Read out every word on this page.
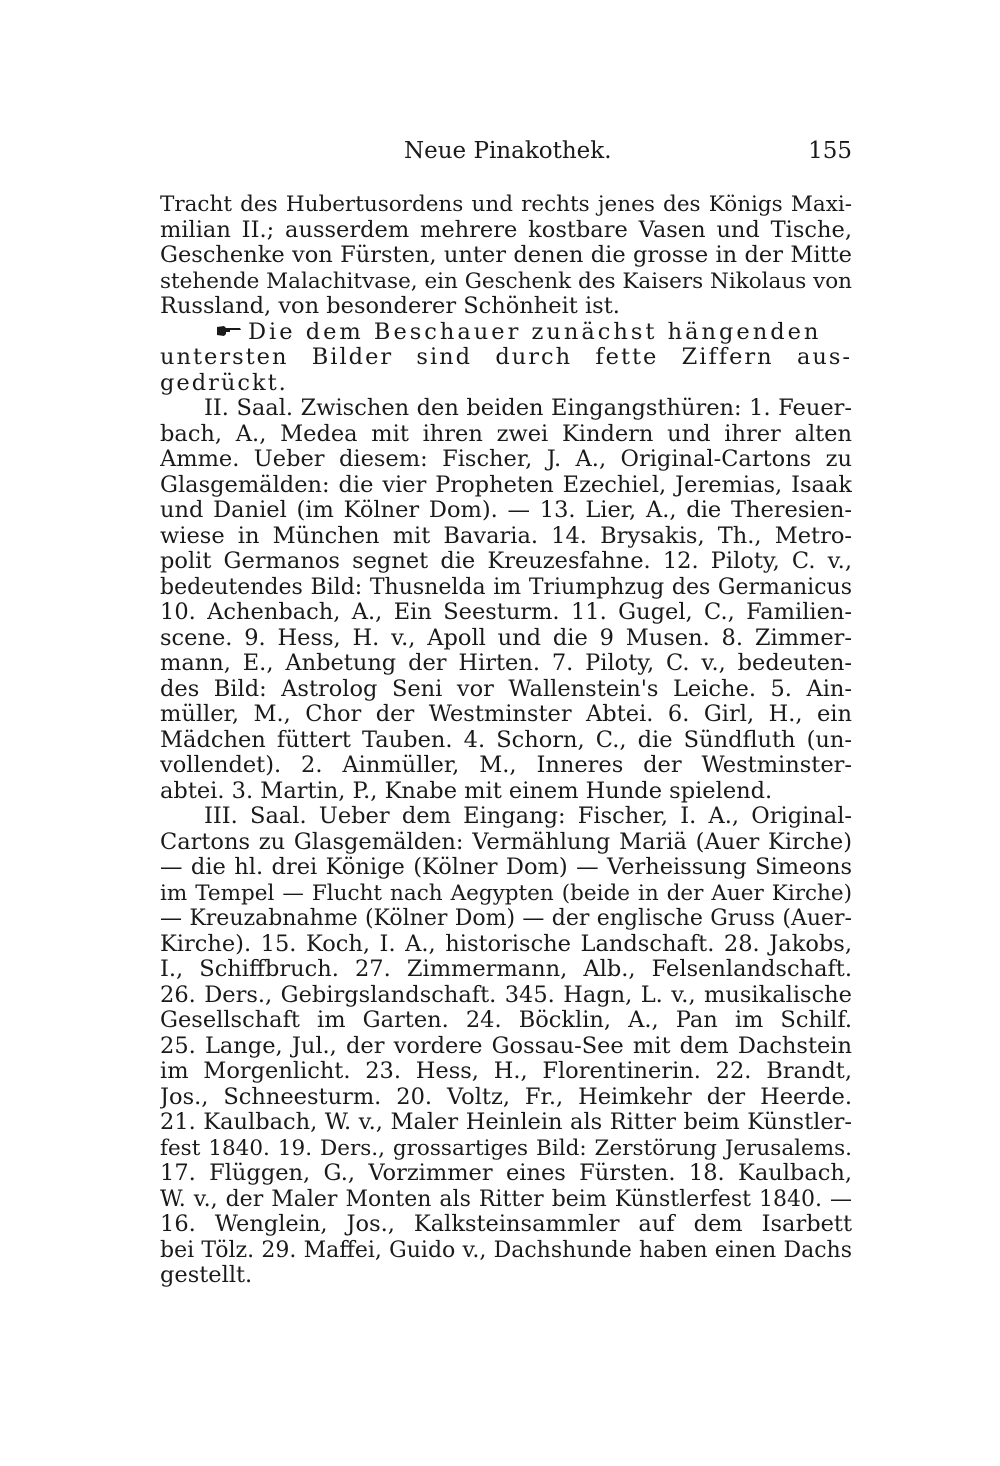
Neue Pinakothek.	155
Tracht des Hubertusordens und rechts jenes des Königs Maxi-
milian II.; ausserdem mehrere kostbare Vasen und Tische,
Geschenke von Fürsten, unter denen die grosse in der Mitte
stehende Malachitvase, ein Geschenk des Kaisers Nikolaus von
Russland, von besonderer Schönheit ist.
Die dem Beschauer zunächst hängenden
untersten Bilder sind durch fette Ziffern aus-
gedrückt.
II. Saal. Zwischen den beiden Eingangsthüren: 1. Feuer-
bach, A., Medea mit ihren zwei Kindern und ihrer alten
Amme. Ueber diesem: Fischer, J. A., Original-Cartons zu
Glasgemälden: die vier Propheten Ezechiel, Jeremias, Isaak
und Daniel (im Kölner Dom). — 13. Lier, A., die Theresien-
wiese in München mit Bavaria. 14. Brysakis, Th., Metro-
polit Germanos segnet die Kreuzesfahne. 12. Piloty, C. v.,
bedeutendes Bild: Thusnelda im Triumphzug des Germanicus
10. Achenbach, A., Ein Seesturm. 11. Gugel, C., Familien-
scene. 9. Hess, H. v., Apoll und die 9 Musen. 8. Zimmer-
mann, E., Anbetung der Hirten. 7. Piloty, C. v., bedeuten-
des Bild: Astrolog Seni vor Wallenstein's Leiche. 5. Ain-
müller, M., Chor der Westminster Abtei. 6. Girl, H., ein
Mädchen füttert Tauben. 4. Schorn, C., die Sündfluth (un-
vollendet). 2. Ainmüller, M., Inneres der Westminster-
abtei. 3. Martin, P., Knabe mit einem Hunde spielend.
III. Saal. Ueber dem Eingang: Fischer, I. A., Original-
Cartons zu Glasgemälden: Vermählung Mariä (Auer Kirche)
— die hl. drei Könige (Kölner Dom) — Verheissung Simeons
im Tempel — Flucht nach Aegypten (beide in der Auer Kirche)
— Kreuzabnahme (Kölner Dom) — der englische Gruss (Auer-
Kirche). 15. Koch, I. A., historische Landschaft. 28. Jakobs,
I., Schiffbruch. 27. Zimmermann, Alb., Felsenlandschaft.
26. Ders., Gebirgslandschaft. 345. Hagn, L. v., musikalische
Gesellschaft im Garten. 24. Böcklin, A., Pan im Schilf.
25. Lange, Jul., der vordere Gossau-See mit dem Dachstein
im Morgenlicht. 23. Hess, H., Florentinerin. 22. Brandt,
Jos., Schneesturm. 20. Voltz, Fr., Heimkehr der Heerde.
21. Kaulbach, W. v., Maler Heinlein als Ritter beim Künstler-
fest 1840. 19. Ders., grossartiges Bild: Zerstörung Jerusalems.
17. Flüggen, G., Vorzimmer eines Fürsten. 18. Kaulbach,
W. v., der Maler Monten als Ritter beim Künstlerfest 1840. —
16. Wenglein, Jos., Kalksteinsammler auf dem Isarbett
bei Tölz. 29. Maffei, Guido v., Dachshunde haben einen Dachs
gestellt.
